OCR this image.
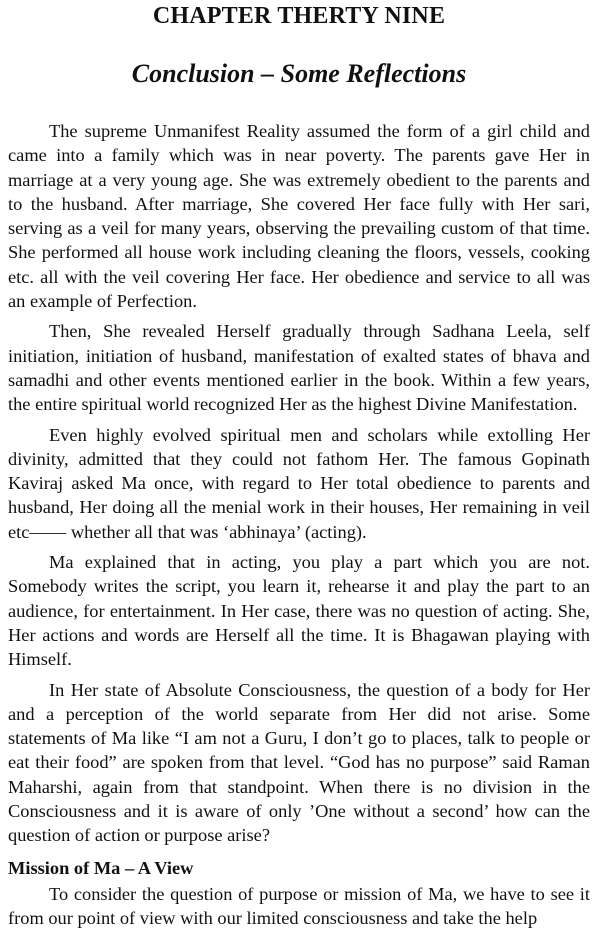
CHAPTER THERTY NINE
Conclusion – Some Reflections

The supreme Unmanifest Reality assumed the form of a girl child and came into a family which was in near poverty. The parents gave Her in marriage at a very young age. She was extremely obedient to the parents and to the husband. After marriage, She covered Her face fully with Her sari, serving as a veil for many years, observing the prevailing custom of that time. She performed all house work including cleaning the floors, vessels, cooking etc. all with the veil covering Her face. Her obedience and service to all was an example of Perfection.

Then, She revealed Herself gradually through Sadhana Leela, self initiation, initiation of husband, manifestation of exalted states of bhava and samadhi and other events mentioned earlier in the book. Within a few years, the entire spiritual world recognized Her as the highest Divine Manifestation.

Even highly evolved spiritual men and scholars while extolling Her divinity, admitted that they could not fathom Her. The famous Gopinath Kaviraj asked Ma once, with regard to Her total obedience to parents and husband, Her doing all the menial work in their houses, Her remaining in veil etc—— whether all that was ‘abhinaya’ (acting).

Ma explained that in acting, you play a part which you are not. Somebody writes the script, you learn it, rehearse it and play the part to an audience, for entertainment. In Her case, there was no question of acting. She, Her actions and words are Herself all the time. It is Bhagawan playing with Himself.

In Her state of Absolute Consciousness, the question of a body for Her and a perception of the world separate from Her did not arise. Some statements of Ma like “I am not a Guru, I don’t go to places, talk to people or eat their food” are spoken from that level. “God has no purpose” said Raman Maharshi, again from that standpoint. When there is no division in the Consciousness and it is aware of only ’One without a second’ how can the question of action or purpose arise?

Mission of Ma – A View

To consider the question of purpose or mission of Ma, we have to see it from our point of view with our limited consciousness and take the help
